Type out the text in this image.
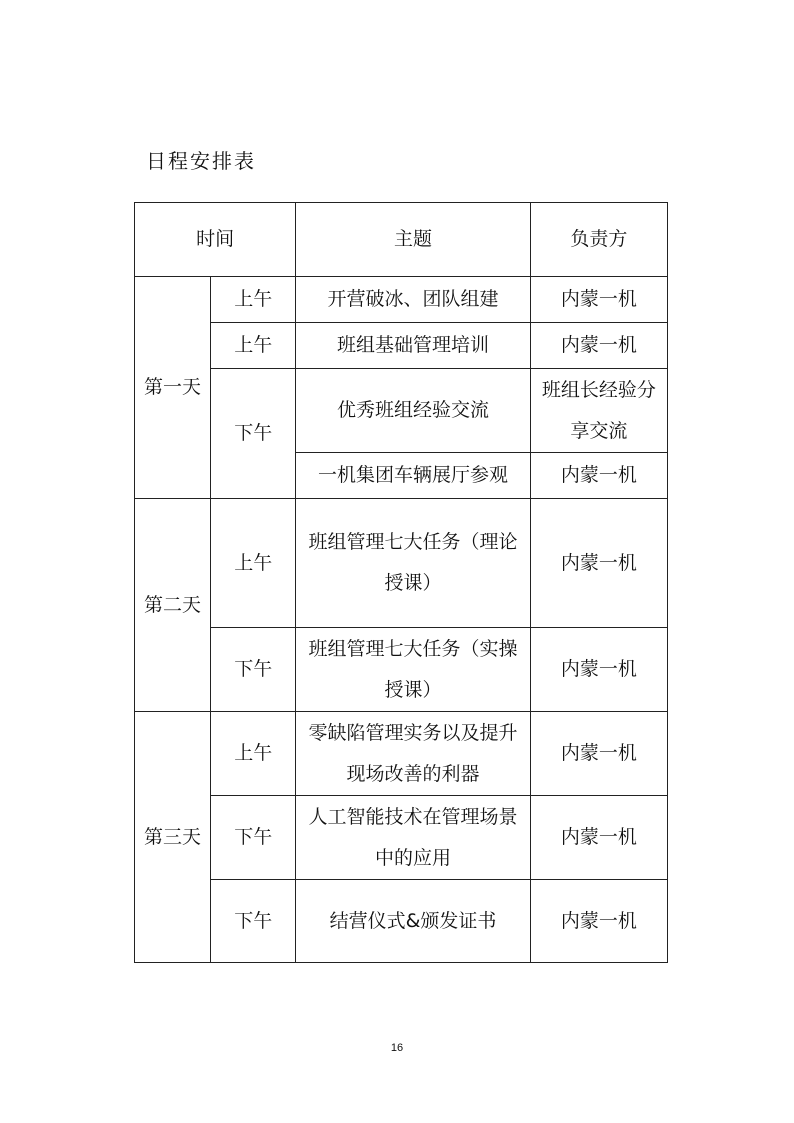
日程安排表
时间		主题	负责方
第一天	上午	开营破冰、团队组建	内蒙一机
	上午	班组基础管理培训	内蒙一机
	下午	优秀班组经验交流	班组长经验分享交流

		一机集团车辆展厅参观	内蒙一机
第二天	上午	班组管理七大任务（理论授课）	内蒙一机
	下午	班组管理七大任务（实操授课）	内蒙一机
第三天	上午	零缺陷管理实务以及提升现场改善的利器	内蒙一机
	下午	人工智能技术在管理场景中的应用	内蒙一机
	下午	结营仪式&颁发证书	内蒙一机
16
